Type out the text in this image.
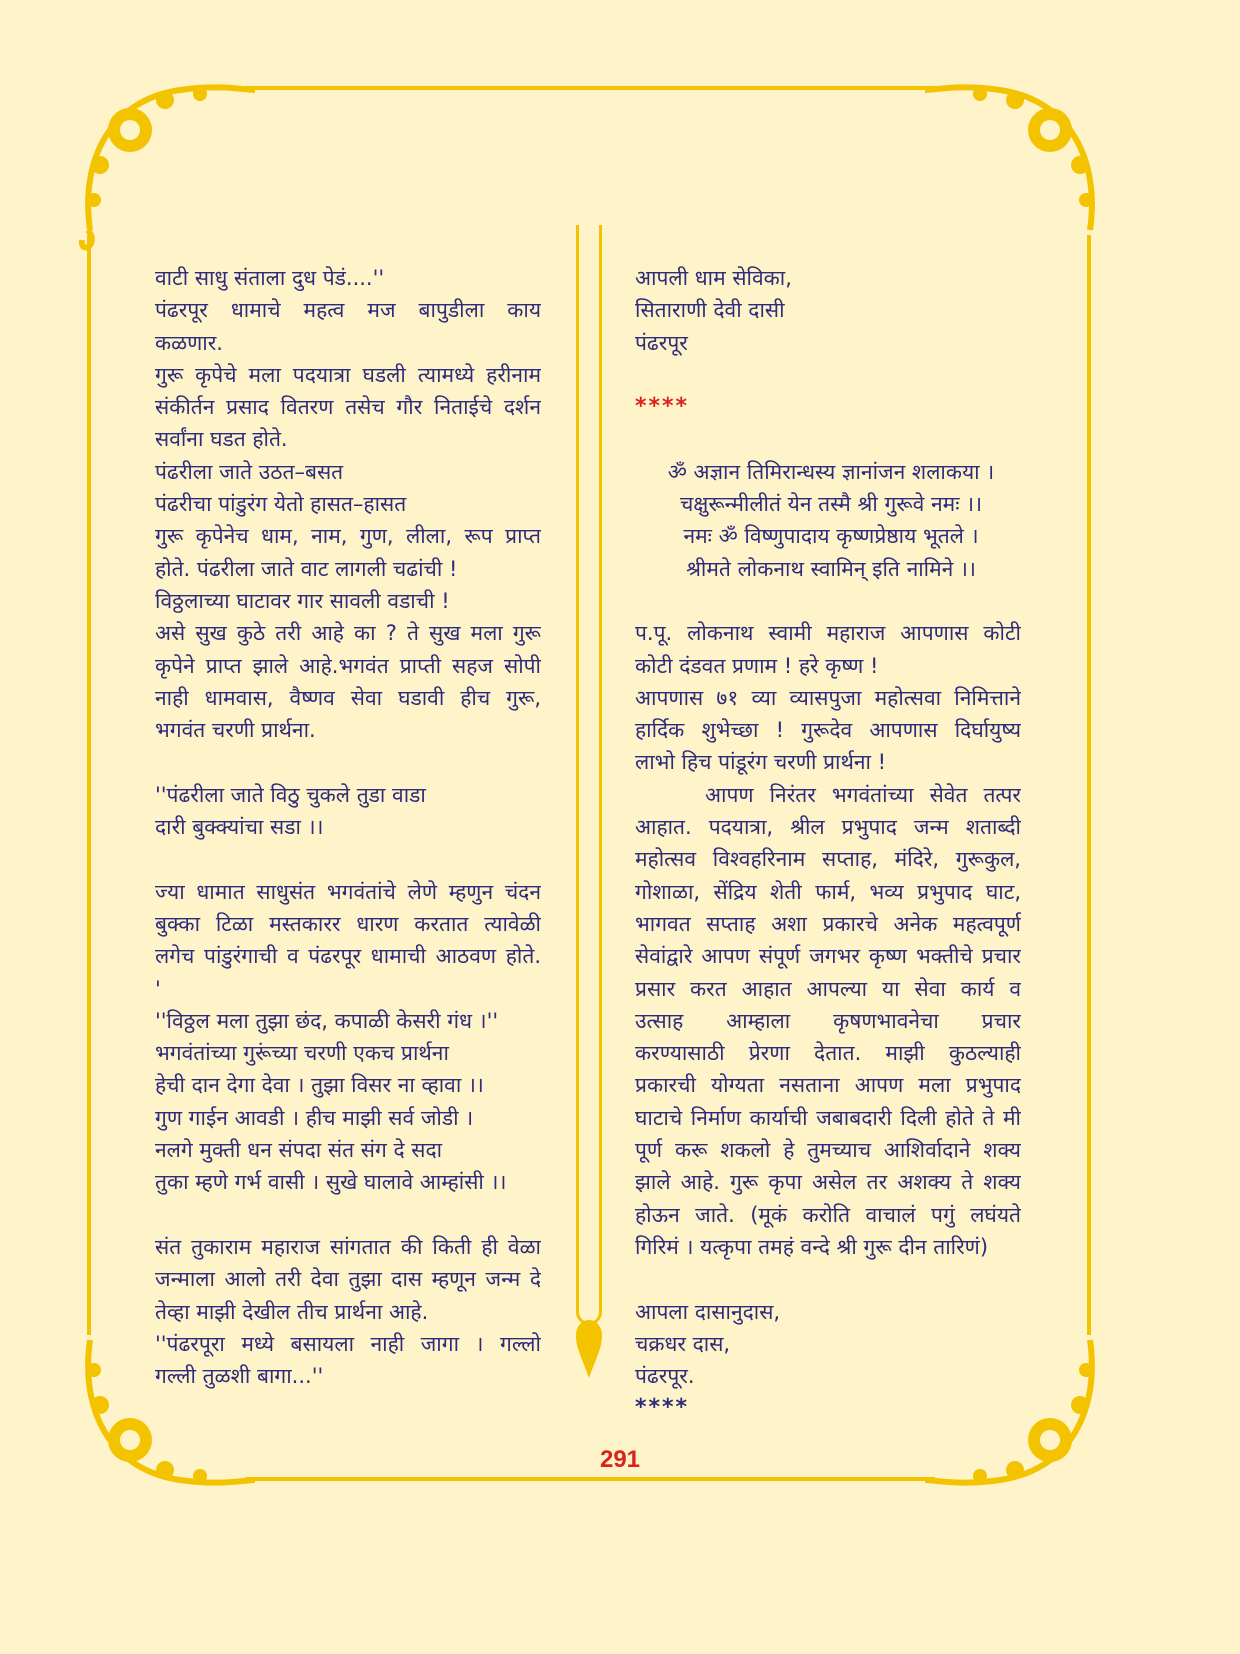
वाटी साधु संताला दुध पेडं....''
पंढरपूर धामाचे महत्व मज बापुडीला काय
कळणार.
गुरू कृपेचे मला पदयात्रा घडली त्यामध्ये हरीनाम
संकीर्तन प्रसाद वितरण तसेच गौर निताईचे दर्शन
सर्वांना घडत होते.
पंढरीला जाते उठत–बसत
पंढरीचा पांडुरंग येतो हासत–हासत
गुरू कृपेनेच धाम, नाम, गुण, लीला, रूप प्राप्त
होते. पंढरीला जाते वाट लागली चढांची !
विठ्ठलाच्या घाटावर गार सावली वडाची !
असे सुख कुठे तरी आहे का ? ते सुख मला गुरू
कृपेने प्राप्त झाले आहे.भगवंत प्राप्ती सहज सोपी
नाही धामवास, वैष्णव सेवा घडावी हीच गुरू,
भगवंत चरणी प्रार्थना.
''पंढरीला जाते विठु चुकले तुडा वाडा
दारी बुक्क्यांचा सडा ।।
ज्या धामात साधुसंत भगवंतांचे लेणे म्हणुन चंदन
बुक्का टिळा मस्तकारर धारण करतात त्यावेळी
लगेच पांडुरंगाची व पंढरपूर धामाची आठवण होते.
'
''विठ्ठल मला तुझा छंद, कपाळी केसरी गंध ।''
भगवंतांच्या गुरूंच्या चरणी एकच प्रार्थना
हेची दान देगा देवा । तुझा विसर ना व्हावा ।।
गुण गाईन आवडी । हीच माझी सर्व जोडी ।
नलगे मुक्ती धन संपदा संत संग दे सदा
तुका म्हणे गर्भ वासी । सुखे घालावे आम्हांसी ।।
संत तुकाराम महाराज सांगतात की किती ही वेळा
जन्माला आलो तरी देवा तुझा दास म्हणून जन्म दे
तेव्हा माझी देखील तीच प्रार्थना आहे.
''पंढरपूरा मध्ये बसायला नाही जागा । गल्लो
गल्ली तुळशी बागा...''
आपली धाम सेविका,
सिताराणी देवी दासी
पंढरपूर
****
ॐ अज्ञान तिमिरान्धस्य ज्ञानांजन शलाकया ।
चक्षुरून्मीलीतं येन तस्मै श्री गुरूवे नमः ।।
नमः ॐ विष्णुपादाय कृष्णप्रेष्ठाय भूतले ।
श्रीमते लोकनाथ स्वामिन् इति नामिने ।।
प.पू. लोकनाथ स्वामी महाराज आपणास कोटी
कोटी दंडवत प्रणाम ! हरे कृष्ण !
आपणास ७१ व्या व्यासपुजा महोत्सवा निमित्ताने
हार्दिक शुभेच्छा ! गुरूदेव आपणास दिर्घायुष्य
लाभो हिच पांडूरंग चरणी प्रार्थना !
आपण निरंतर भगवंतांच्या सेवेत तत्पर
आहात. पदयात्रा, श्रील प्रभुपाद जन्म शताब्दी
महोत्सव विश्वहरिनाम सप्ताह, मंदिरे, गुरूकुल,
गोशाळा, सेंद्रिय शेती फार्म, भव्य प्रभुपाद घाट,
भागवत सप्ताह अशा प्रकारचे अनेक महत्वपूर्ण
सेवांद्वारे आपण संपूर्ण जगभर कृष्ण भक्तीचे प्रचार
प्रसार करत आहात आपल्या या सेवा कार्य व
उत्साह आम्हाला कृषणभावनेचा प्रचार
करण्यासाठी प्रेरणा देतात. माझी कुठल्याही
प्रकारची योग्यता नसताना आपण मला प्रभुपाद
घाटाचे निर्माण कार्याची जबाबदारी दिली होते ते मी
पूर्ण करू शकलो हे तुमच्याच आशिर्वादाने शक्य
झाले आहे. गुरू कृपा असेल तर अशक्य ते शक्य
होऊन जाते. (मूकं करोति वाचालं पगुं लघंयते
गिरिमं । यत्कृपा तमहं वन्दे श्री गुरू दीन तारिणं)
आपला दासानुदास,
चक्रधर दास,
पंढरपूर.
****
291
